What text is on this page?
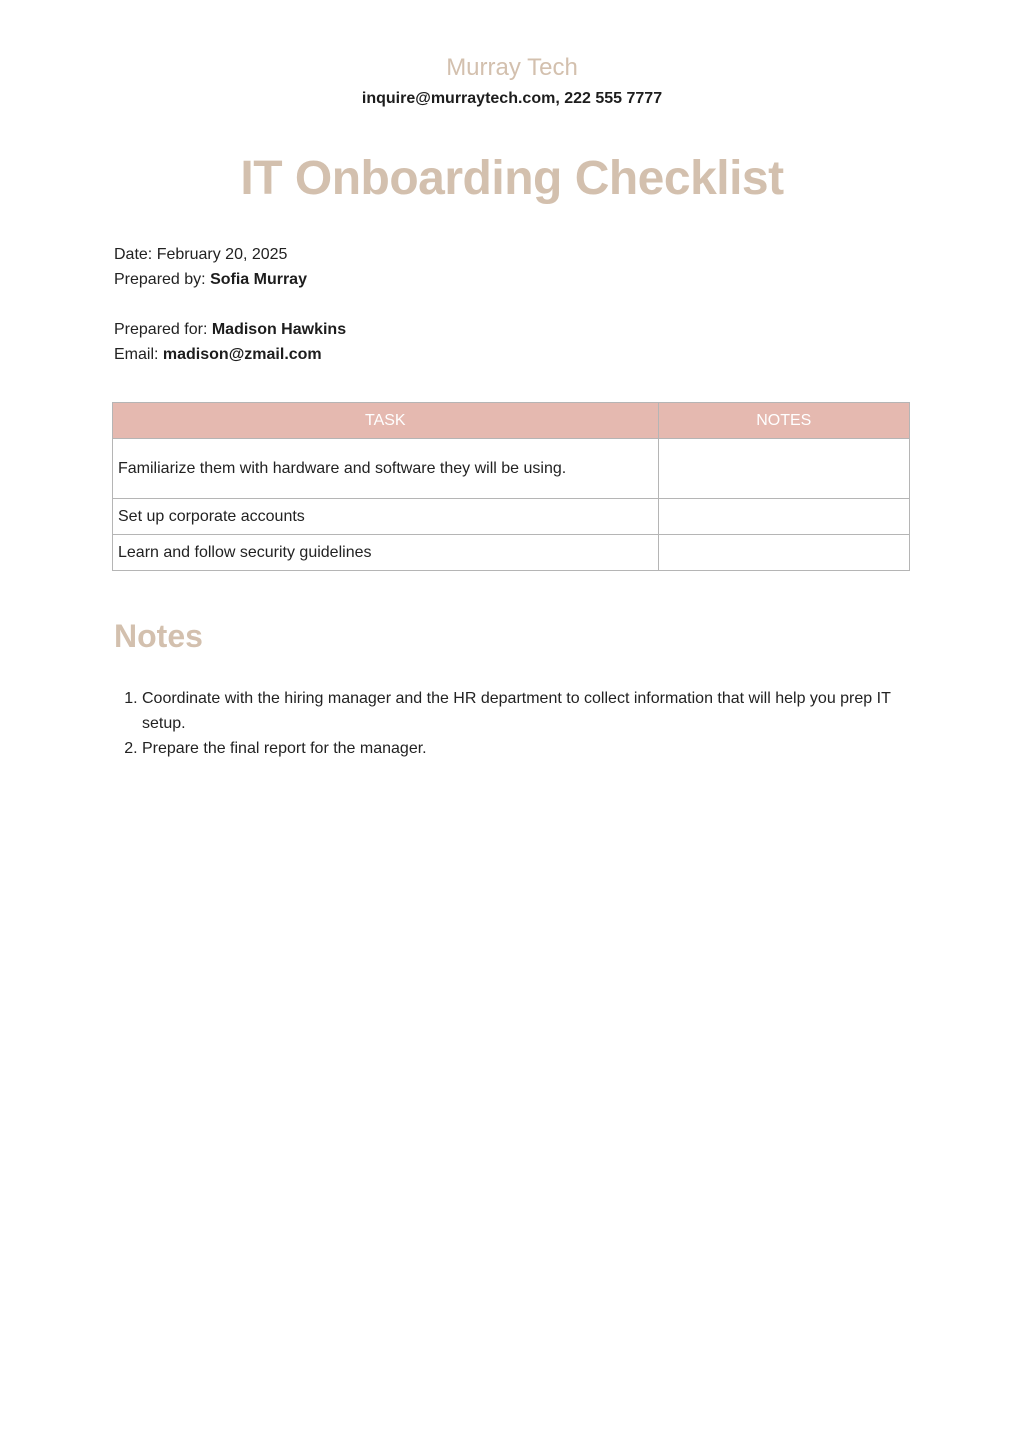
Murray Tech
inquire@murraytech.com, 222 555 7777
IT Onboarding Checklist
Date: February 20, 2025
Prepared by: Sofia Murray
Prepared for: Madison Hawkins
Email: madison@zmail.com
TASK	NOTES
Familiarize them with hardware and software they will be using.	
Set up corporate accounts	
Learn and follow security guidelines	
Notes
1. Coordinate with the hiring manager and the HR department to collect information that will help you prep IT setup.
2. Prepare the final report for the manager.
